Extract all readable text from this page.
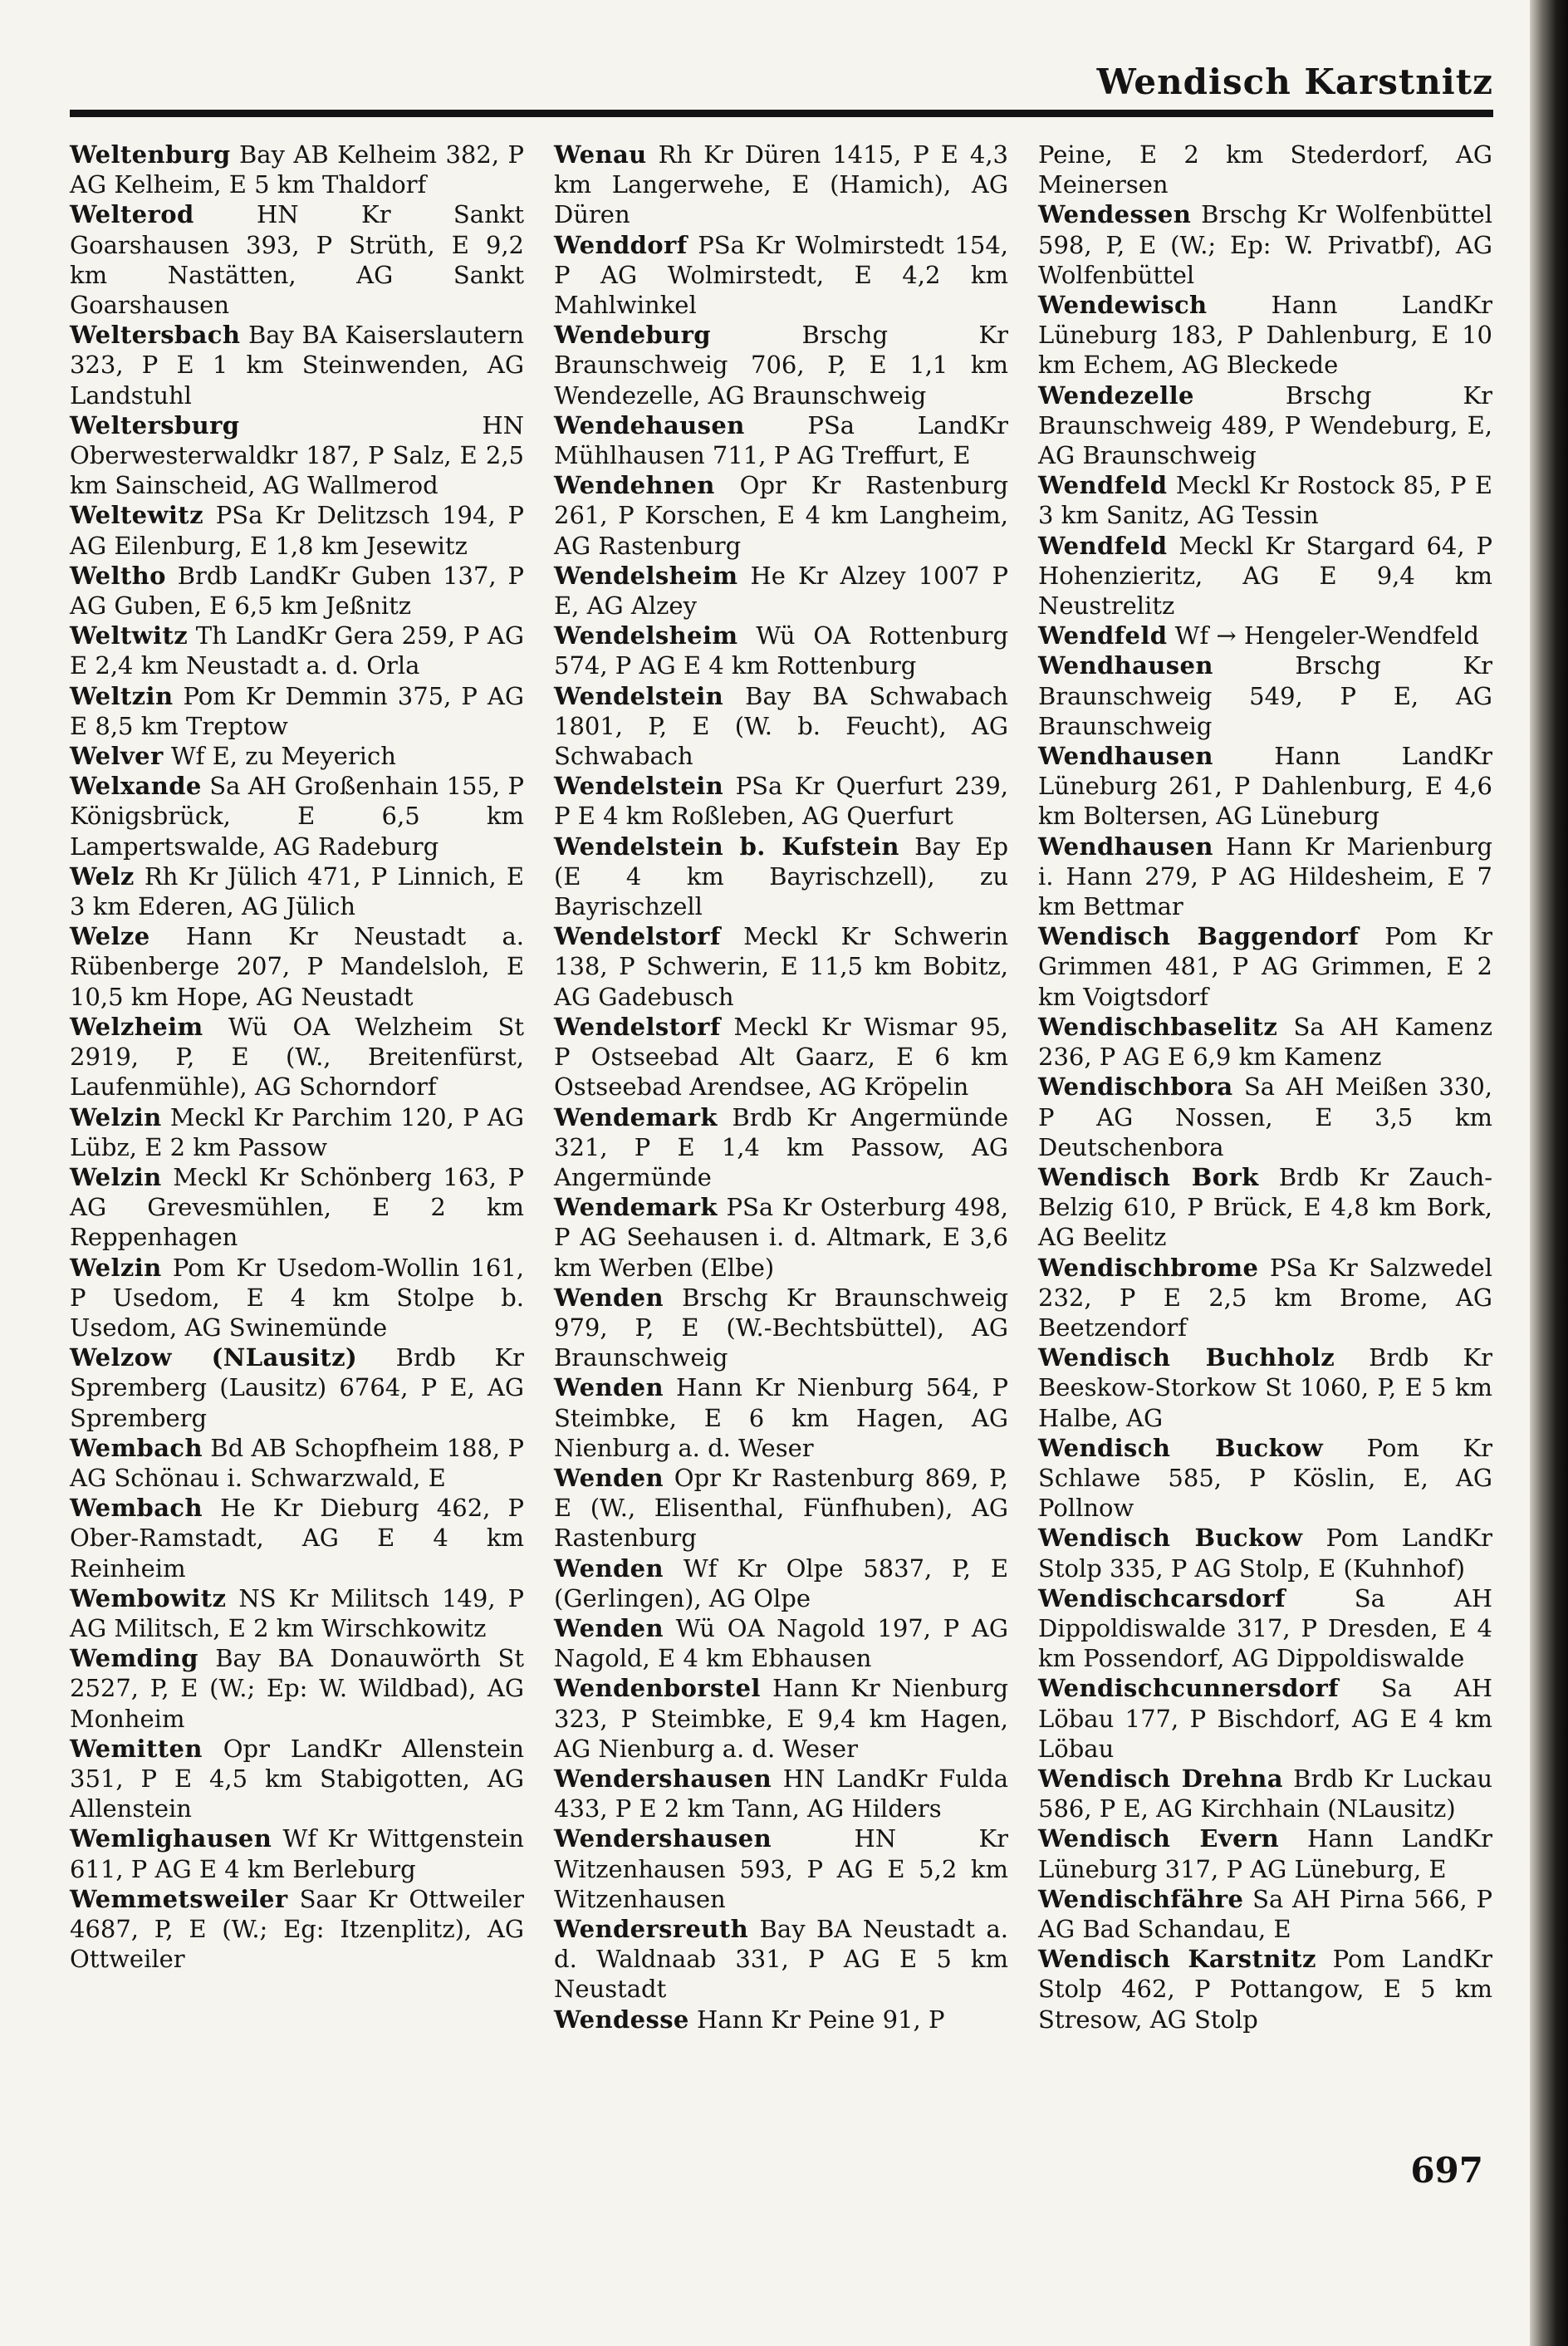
Wendisch Karstnitz

Weltenburg Bay AB Kelheim 382, P AG Kelheim, E 5 km Thaldorf

Welterod	HN Kr Sankt Goarshausen 393, P Strüth, E 9,2 km Nastätten, AG Sankt Goarshausen

Weltersbach Bay BA Kaiserslautern 323, P E 1 km Steinwenden, AG Landstuhl

Weltersburg	HN Oberwesterwaldkr 187, P Salz, E 2,5 km Sainscheid, AG Wallmerod

Weltewitz PSa Kr Delitzsch 194, P AG Eilenburg, E 1,8 km Jesewitz

Weltho Brdb LandKr Guben 137, P AG Guben, E 6,5 km Jeßnitz

Weltwitz Th LandKr Gera 259, P AG E 2,4 km Neustadt a. d. Orla

Weltzin Pom Kr Demmin 375, P AG E 8,5 km Treptow

Welver Wf E, zu Meyerich

Welxande Sa AH Großenhain 155, P Königsbrück, E 6,5 km Lampertswalde, AG Radeburg

Welz Rh Kr Jülich 471, P Linnich, E 3 km Ederen, AG Jülich

Welze Hann Kr Neustadt a. Rübenberge 207, P Mandelsloh, E 10,5 km Hope, AG Neustadt

Welzheim Wü OA Welzheim St 2919, P, E (W., Breitenfürst, Laufenmühle), AG Schorndorf

Welzin Meckl Kr Parchim 120, P AG Lübz, E 2 km Passow

Welzin Meckl Kr Schönberg 163, P AG Grevesmühlen, E 2 km Reppenhagen

Welzin Pom Kr Usedom-Wollin 161, P Usedom, E 4 km Stolpe b. Usedom, AG Swinemünde

Welzow (NLausitz) Brdb Kr Spremberg (Lausitz) 6764, P E, AG Spremberg

Wembach Bd AB Schopfheim 188, P AG Schönau i. Schwarzwald, E

Wembach He Kr Dieburg 462, P Ober-Ramstadt, AG E 4 km Reinheim

Wembowitz NS Kr Militsch 149, P AG Militsch, E 2 km Wirschkowitz

Wemding Bay BA Donauwörth St 2527, P, E (W.; Ep: W. Wildbad), AG Monheim

Wemitten Opr LandKr Allenstein 351, P E 4,5 km Stabigotten, AG Allenstein

Wemlighausen Wf Kr Wittgenstein 611, P AG E 4 km Berleburg

Wemmetsweiler Saar Kr Ottweiler 4687, P, E (W.; Eg: Itzenplitz), AG Ottweiler

Wenau Rh Kr Düren 1415, P E 4,3 km Langerwehe, E (Hamich), AG Düren

Wenddorf PSa Kr Wolmirstedt 154, P AG Wolmirstedt, E 4,2 km Mahlwinkel

Wendeburg	Brschg Kr Braunschweig 706, P, E 1,1 km Wendezelle, AG Braunschweig

Wendehausen	PSa LandKr Mühlhausen 711, P AG Treffurt, E

Wendehnen Opr Kr Rastenburg 261, P Korschen, E 4 km Langheim, AG Rastenburg

Wendelsheim He Kr Alzey 1007 P E, AG Alzey

Wendelsheim Wü OA Rottenburg 574, P AG E 4 km Rottenburg

Wendelstein Bay BA Schwabach 1801, P, E (W. b. Feucht), AG Schwabach

Wendelstein PSa Kr Querfurt 239, P E 4 km Roßleben, AG Querfurt

Wendelstein b. Kufstein Bay Ep (E 4 km Bayrischzell), zu Bayrischzell

Wendelstorf Meckl Kr Schwerin 138, P Schwerin, E 11,5 km Bobitz, AG Gadebusch

Wendelstorf Meckl Kr Wismar 95, P Ostseebad Alt Gaarz, E 6 km Ostseebad Arendsee, AG Kröpelin

Wendemark Brdb Kr Angermünde 321, P E 1,4 km Passow, AG Angermünde

Wendemark PSa Kr Osterburg 498, P AG Seehausen i. d. Altmark, E 3,6 km Werben (Elbe)

Wenden Brschg Kr Braunschweig 979, P, E (W.-Bechtsbüttel), AG Braunschweig

Wenden Hann Kr Nienburg 564, P Steimbke, E 6 km Hagen, AG Nienburg a. d. Weser

Wenden Opr Kr Rastenburg 869, P, E (W., Elisenthal, Fünfhuben), AG Rastenburg

Wenden Wf Kr Olpe 5837, P, E (Gerlingen), AG Olpe

Wenden Wü OA Nagold 197, P AG Nagold, E 4 km Ebhausen

Wendenborstel Hann Kr Nienburg 323, P Steimbke, E 9,4 km Hagen, AG Nienburg a. d. Weser

Wendershausen HN LandKr Fulda 433, P E 2 km Tann, AG Hilders

Wendershausen	HN Kr Witzenhausen 593, P AG E 5,2 km Witzenhausen

Wendersreuth Bay BA Neustadt a. d. Waldnaab 331, P AG E 5 km Neustadt

Wendesse Hann Kr Peine 91, P

Peine, E 2 km Stederdorf, AG Meinersen

Wendessen Brschg Kr Wolfenbüttel 598, P, E (W.; Ep: W. Privatbf), AG Wolfenbüttel

Wendewisch	Hann LandKr Lüneburg 183, P Dahlenburg, E 10 km Echem, AG Bleckede

Wendezelle	Brschg Kr Braunschweig 489, P Wendeburg, E, AG Braunschweig

Wendfeld Meckl Kr Rostock 85, P E 3 km Sanitz, AG Tessin

Wendfeld Meckl Kr Stargard 64, P Hohenzieritz, AG E 9,4 km Neustrelitz

Wendfeld Wf → Hengeler-Wendfeld

Wendhausen	Brschg Kr Braunschweig 549, P E, AG Braunschweig

Wendhausen	Hann LandKr Lüneburg 261, P Dahlenburg, E 4,6 km Boltersen, AG Lüneburg

Wendhausen Hann Kr Marienburg i. Hann 279, P AG Hildesheim, E 7 km Bettmar

Wendisch Baggendorf Pom Kr Grimmen 481, P AG Grimmen, E 2 km Voigtsdorf

Wendischbaselitz Sa AH Kamenz 236, P AG E 6,9 km Kamenz

Wendischbora Sa AH Meißen 330, P AG Nossen, E 3,5 km Deutschenbora

Wendisch Bork Brdb Kr Zauch-Belzig 610, P Brück, E 4,8 km Bork, AG Beelitz

Wendischbrome PSa Kr Salzwedel 232, P E 2,5 km Brome, AG Beetzendorf

Wendisch Buchholz Brdb Kr Beeskow-Storkow St 1060, P, E 5 km Halbe, AG

Wendisch Buckow Pom Kr Schlawe 585, P Köslin, E, AG Pollnow

Wendisch Buckow Pom LandKr Stolp 335, P AG Stolp, E (Kuhnhof)

Wendischcarsdorf	Sa AH Dippoldiswalde 317, P Dresden, E 4 km Possendorf, AG Dippoldiswalde

Wendischcunnersdorf Sa AH Löbau 177, P Bischdorf, AG E 4 km Löbau

Wendisch Drehna Brdb Kr Luckau 586, P E, AG Kirchhain (NLausitz)

Wendisch Evern Hann LandKr Lüneburg 317, P AG Lüneburg, E

Wendischfähre Sa AH Pirna 566, P AG Bad Schandau, E

Wendisch Karstnitz Pom LandKr Stolp 462, P Pottangow, E 5 km Stresow, AG Stolp

697
